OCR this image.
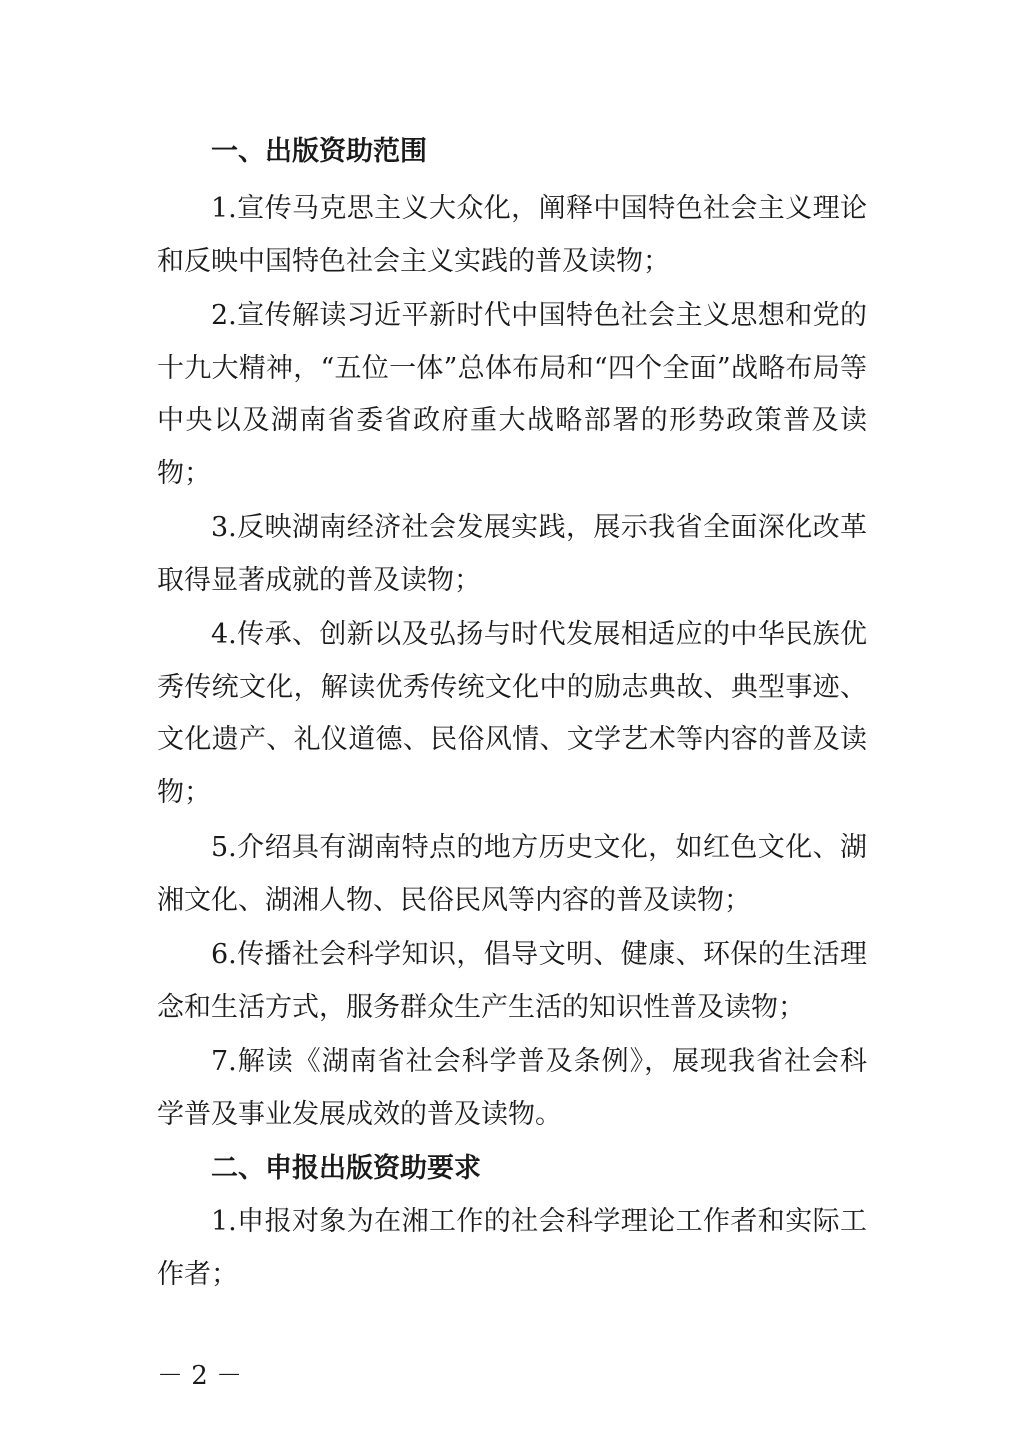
一、出版资助范围

1.宣传马克思主义大众化，阐释中国特色社会主义理论和反映中国特色社会主义实践的普及读物；

2.宣传解读习近平新时代中国特色社会主义思想和党的十九大精神，“五位一体”总体布局和“四个全面”战略布局等中央以及湖南省委省政府重大战略部署的形势政策普及读物；

3.反映湖南经济社会发展实践，展示我省全面深化改革取得显著成就的普及读物；

4.传承、创新以及弘扬与时代发展相适应的中华民族优秀传统文化，解读优秀传统文化中的励志典故、典型事迹、文化遗产、礼仪道德、民俗风情、文学艺术等内容的普及读物；

5.介绍具有湖南特点的地方历史文化，如红色文化、湖湘文化、湖湘人物、民俗民风等内容的普及读物；

6.传播社会科学知识，倡导文明、健康、环保的生活理念和生活方式，服务群众生产生活的知识性普及读物；

7.解读《湖南省社会科学普及条例》，展现我省社会科学普及事业发展成效的普及读物。

二、申报出版资助要求

1.申报对象为在湘工作的社会科学理论工作者和实际工作者；

－ 2 －
